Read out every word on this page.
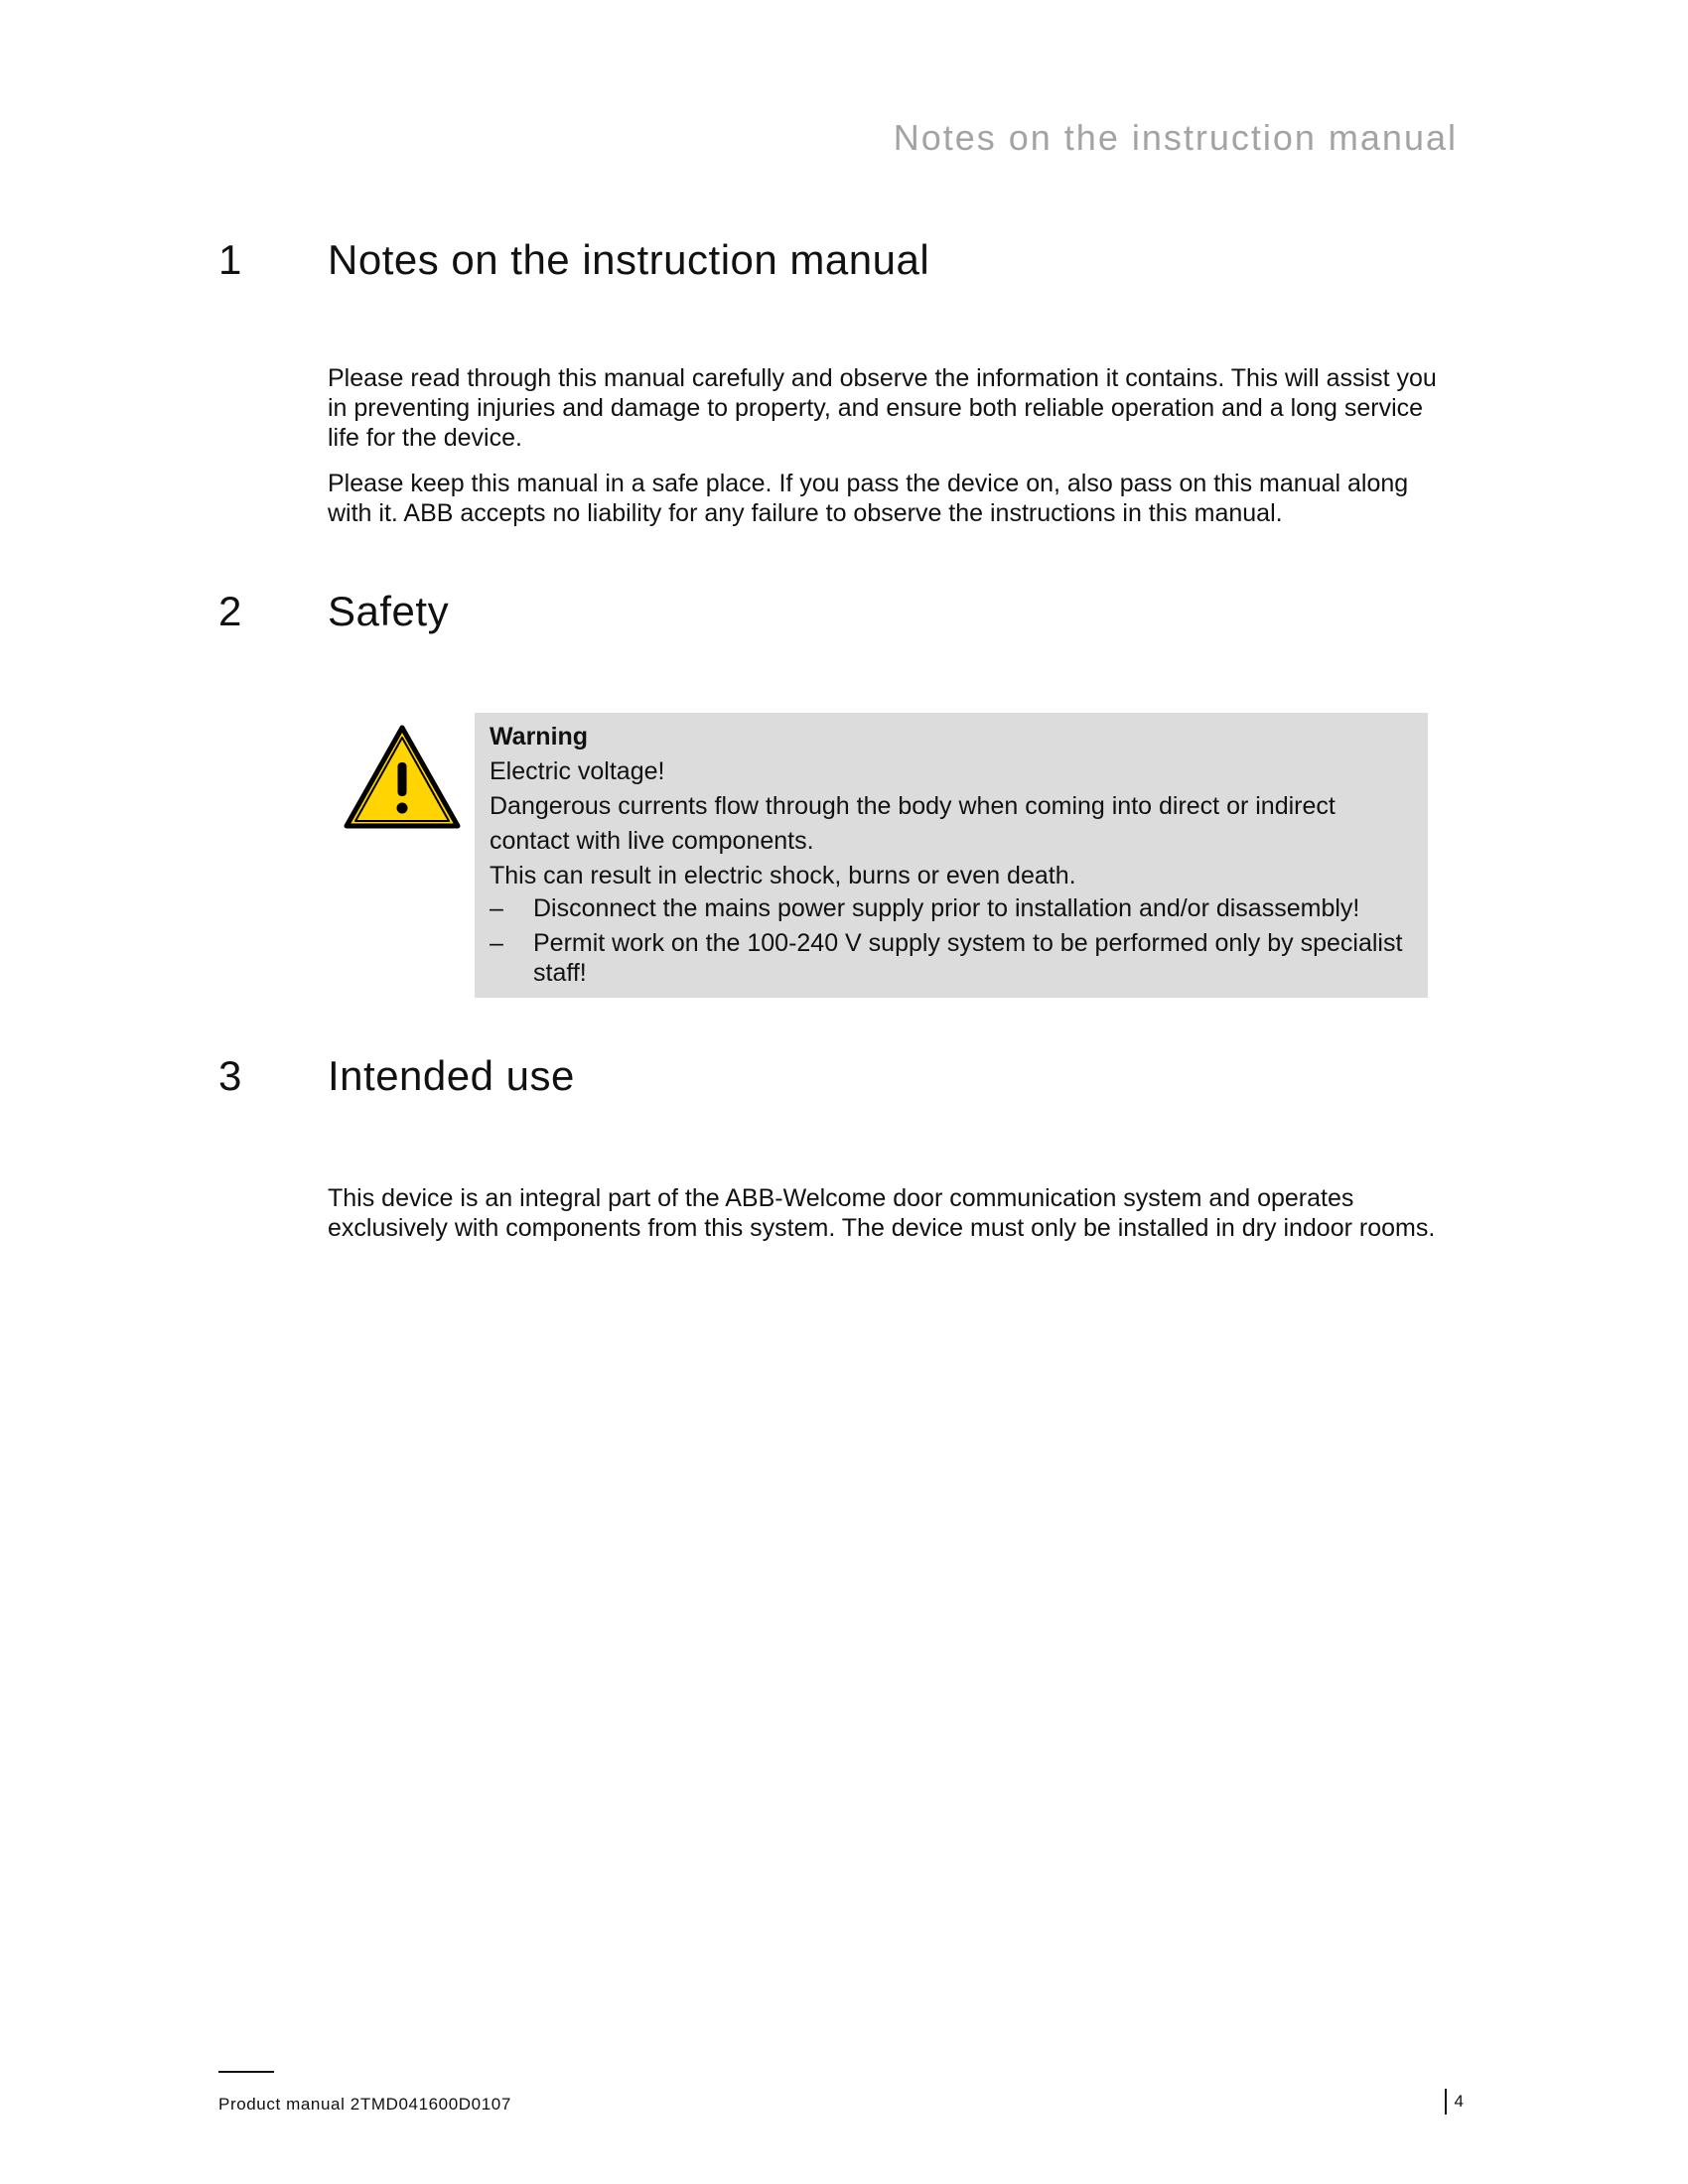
Notes on the instruction manual
1 Notes on the instruction manual

Please read through this manual carefully and observe the information it contains. This will assist you in preventing injuries and damage to property, and ensure both reliable operation and a long service life for the device.

Please keep this manual in a safe place. If you pass the device on, also pass on this manual along with it. ABB accepts no liability for any failure to observe the instructions in this manual.

2 Safety
Warning
Electric voltage!
Dangerous currents flow through the body when coming into direct or indirect contact with live components.
This can result in electric shock, burns or even death.
– Disconnect the mains power supply prior to installation and/or disassembly!
– Permit work on the 100-240 V supply system to be performed only by specialist staff!
3 Intended use

This device is an integral part of the ABB-Welcome door communication system and operates exclusively with components from this system. The device must only be installed in dry indoor rooms.

Product manual 2TMD041600D0107	4
